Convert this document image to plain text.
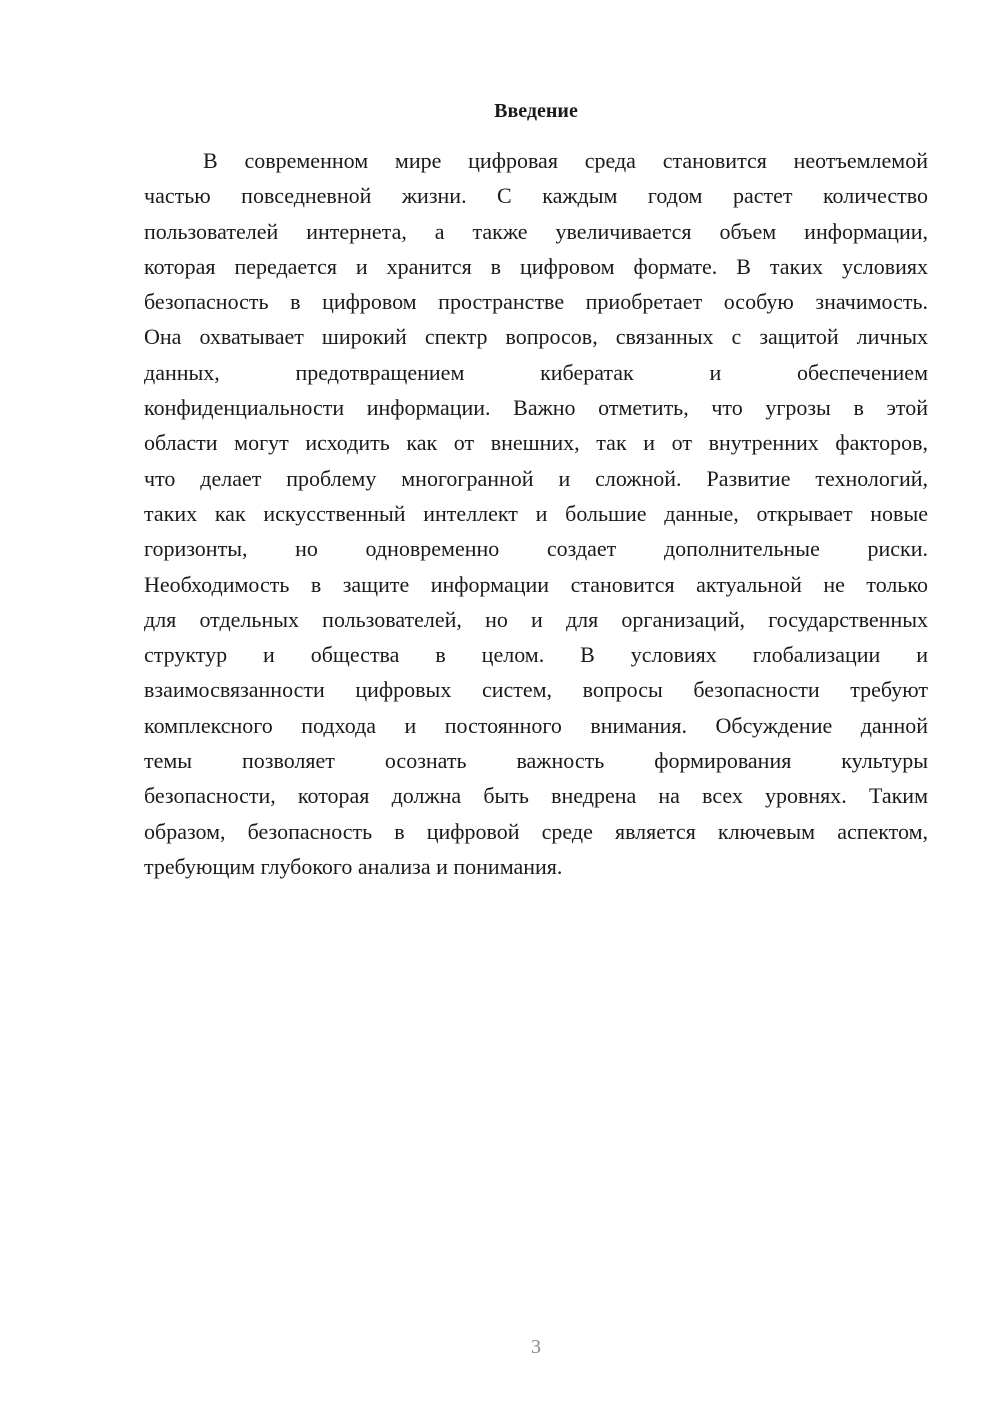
Введение
В современном мире цифровая среда становится неотъемлемой
частью повседневной жизни. С каждым годом растет количество
пользователей интернета, а также увеличивается объем информации,
которая передается и хранится в цифровом формате. В таких условиях
безопасность в цифровом пространстве приобретает особую значимость.
Она охватывает широкий спектр вопросов, связанных с защитой личных
данных, предотвращением кибератак и обеспечением
конфиденциальности информации. Важно отметить, что угрозы в этой
области могут исходить как от внешних, так и от внутренних факторов,
что делает проблему многогранной и сложной. Развитие технологий,
таких как искусственный интеллект и большие данные, открывает новые
горизонты, но одновременно создает дополнительные риски.
Необходимость в защите информации становится актуальной не только
для отдельных пользователей, но и для организаций, государственных
структур и общества в целом. В условиях глобализации и
взаимосвязанности цифровых систем, вопросы безопасности требуют
комплексного подхода и постоянного внимания. Обсуждение данной
темы позволяет осознать важность формирования культуры
безопасности, которая должна быть внедрена на всех уровнях. Таким
образом, безопасность в цифровой среде является ключевым аспектом,
требующим глубокого анализа и понимания.
3
